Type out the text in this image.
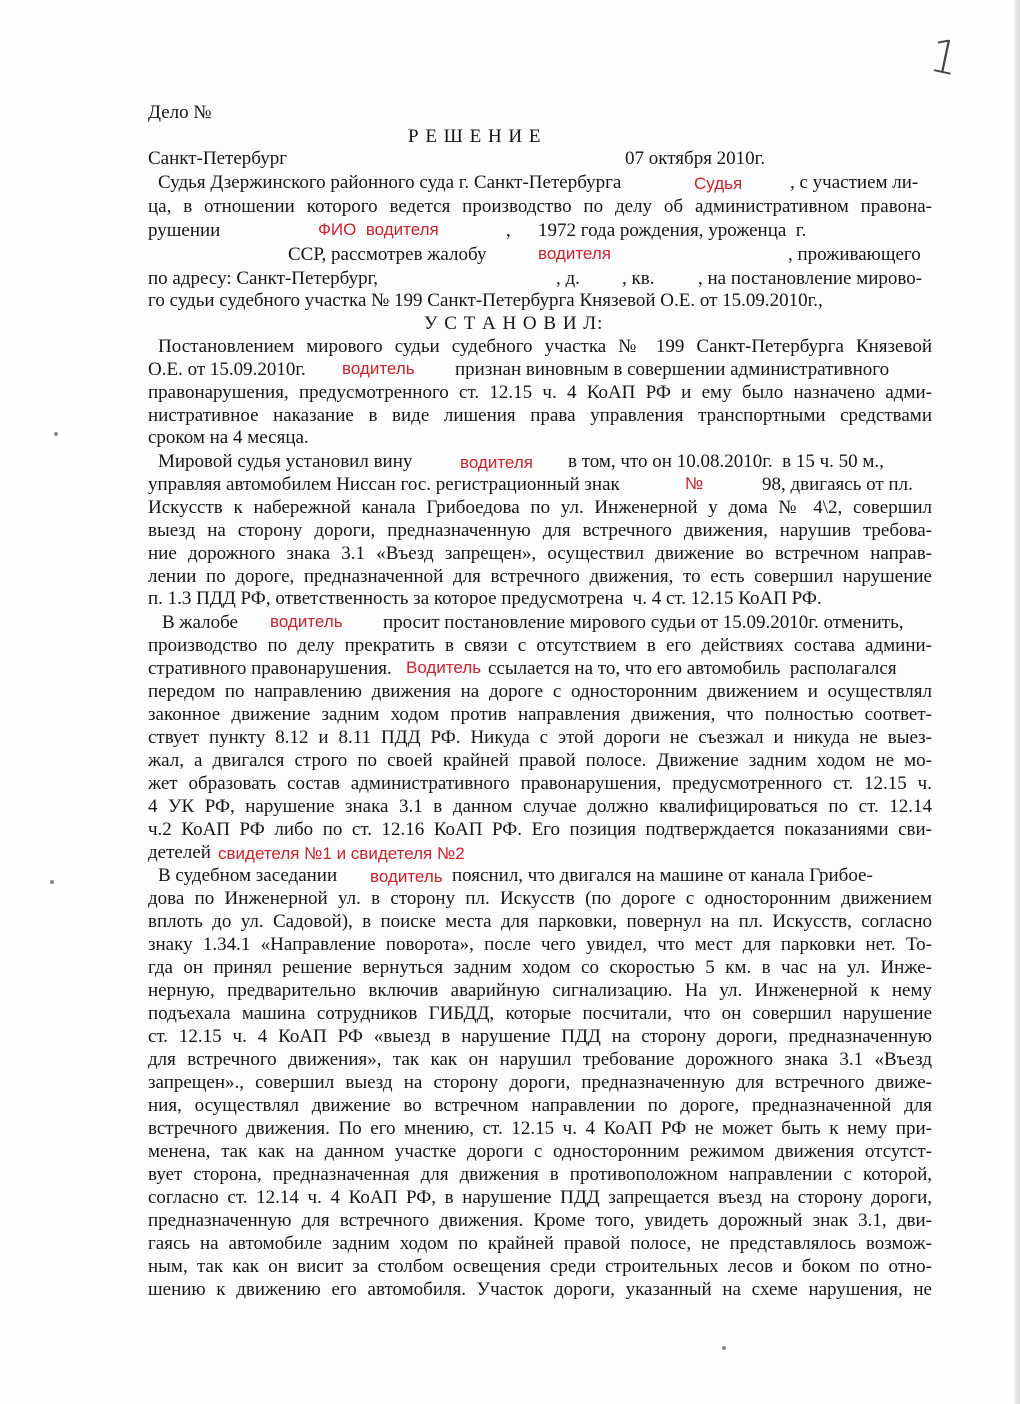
1
Дело №
Р Е Ш Е Н И Е
Санкт-Петербург	07 октября 2010г.
Судья Дзержинского районного суда г. Санкт-Петербурга	Судья	, с участием ли-
ца, в отношении которого ведется производство по делу об административном правона-
рушении	ФИО  водителя	, 1972 года рождения, уроженца  г.
ССР, рассмотрев жалобу	водителя	, проживающего
по адресу: Санкт-Петербург,	, д. , кв. , на постановление мирово-
го судьи судебного участка № 199 Санкт-Петербурга Князевой О.Е. от 15.09.2010г.,
У С Т А Н О В И Л:
Постановлением мирового судьи судебного участка № 199 Санкт-Петербурга Князевой
О.Е. от 15.09.2010г. водитель признан виновным в совершении административного
правонарушения, предусмотренного ст. 12.15 ч. 4 КоАП РФ и ему было назначено адми-
нистративное наказание в виде лишения права управления транспортными средствами
сроком на 4 месяца.
Мировой судья установил вину	водителя в том, что он 10.08.2010г.  в 15 ч. 50 м.,
управляя автомобилем Ниссан гос. регистрационный знак	№	98, двигаясь от пл.
Искусств к набережной канала Грибоедова по ул. Инженерной у дома № 4\2, совершил
выезд на сторону дороги, предназначенную для встречного движения, нарушив требова-
ние дорожного знака 3.1 «Въезд запрещен», осуществил движение во встречном направ-
лении по дороге, предназначенной для встречного движения, то есть совершил нарушение
п. 1.3 ПДД РФ, ответственность за которое предусмотрена  ч. 4 ст. 12.15 КоАП РФ.
В жалобе водитель просит постановление мирового судьи от 15.09.2010г. отменить,
производство по делу прекратить в связи с отсутствием в его действиях состава админи-
стративного правонарушения. Водитель ссылается на то, что его автомобиль  располагался
передом по направлению движения на дороге с односторонним движением и осуществлял
законное движение задним ходом против направления движения, что полностью соответ-
ствует пункту 8.12 и 8.11 ПДД РФ. Никуда с этой дороги не съезжал и никуда не выез-
жал, а двигался строго по своей крайней правой полосе. Движение задним ходом не мо-
жет образовать состав административного правонарушения, предусмотренного ст. 12.15 ч.
4 УК РФ, нарушение знака 3.1 в данном случае должно квалифицироваться по ст. 12.14
ч.2 КоАП РФ либо по ст. 12.16 КоАП РФ. Его позиция подтверждается показаниями сви-
детелей свидетеля №1 и свидетеля №2
В судебном заседании водитель пояснил, что двигался на машине от канала Грибое-
дова по Инженерной ул. в сторону пл. Искусств (по дороге с односторонним движением
вплоть до ул. Садовой), в поиске места для парковки, повернул на пл. Искусств, согласно
знаку 1.34.1 «Направление поворота», после чего увидел, что мест для парковки нет. То-
гда он принял решение вернуться задним ходом со скоростью 5 км. в час на ул. Инже-
нерную, предварительно включив аварийную сигнализацию. На ул. Инженерной к нему
подъехала машина сотрудников ГИБДД, которые посчитали, что он совершил нарушение
ст. 12.15 ч. 4 КоАП РФ «выезд в нарушение ПДД на сторону дороги, предназначенную
для встречного движения», так как он нарушил требование дорожного знака 3.1 «Въезд
запрещен»., совершил выезд на сторону дороги, предназначенную для встречного движе-
ния, осуществлял движение во встречном направлении по дороге, предназначенной для
встречного движения. По его мнению, ст. 12.15 ч. 4 КоАП РФ не может быть к нему при-
менена, так как на данном участке дороги с односторонним режимом движения отсутст-
вует сторона, предназначенная для движения в противоположном направлении с которой,
согласно ст. 12.14 ч. 4 КоАП РФ, в нарушение ПДД запрещается въезд на сторону дороги,
предназначенную для встречного движения. Кроме того, увидеть дорожный знак 3.1, дви-
гаясь на автомобиле задним ходом по крайней правой полосе, не представлялось возмож-
ным, так как он висит за столбом освещения среди строительных лесов и боком по отно-
шению к движению его автомобиля. Участок дороги, указанный на схеме нарушения, не
